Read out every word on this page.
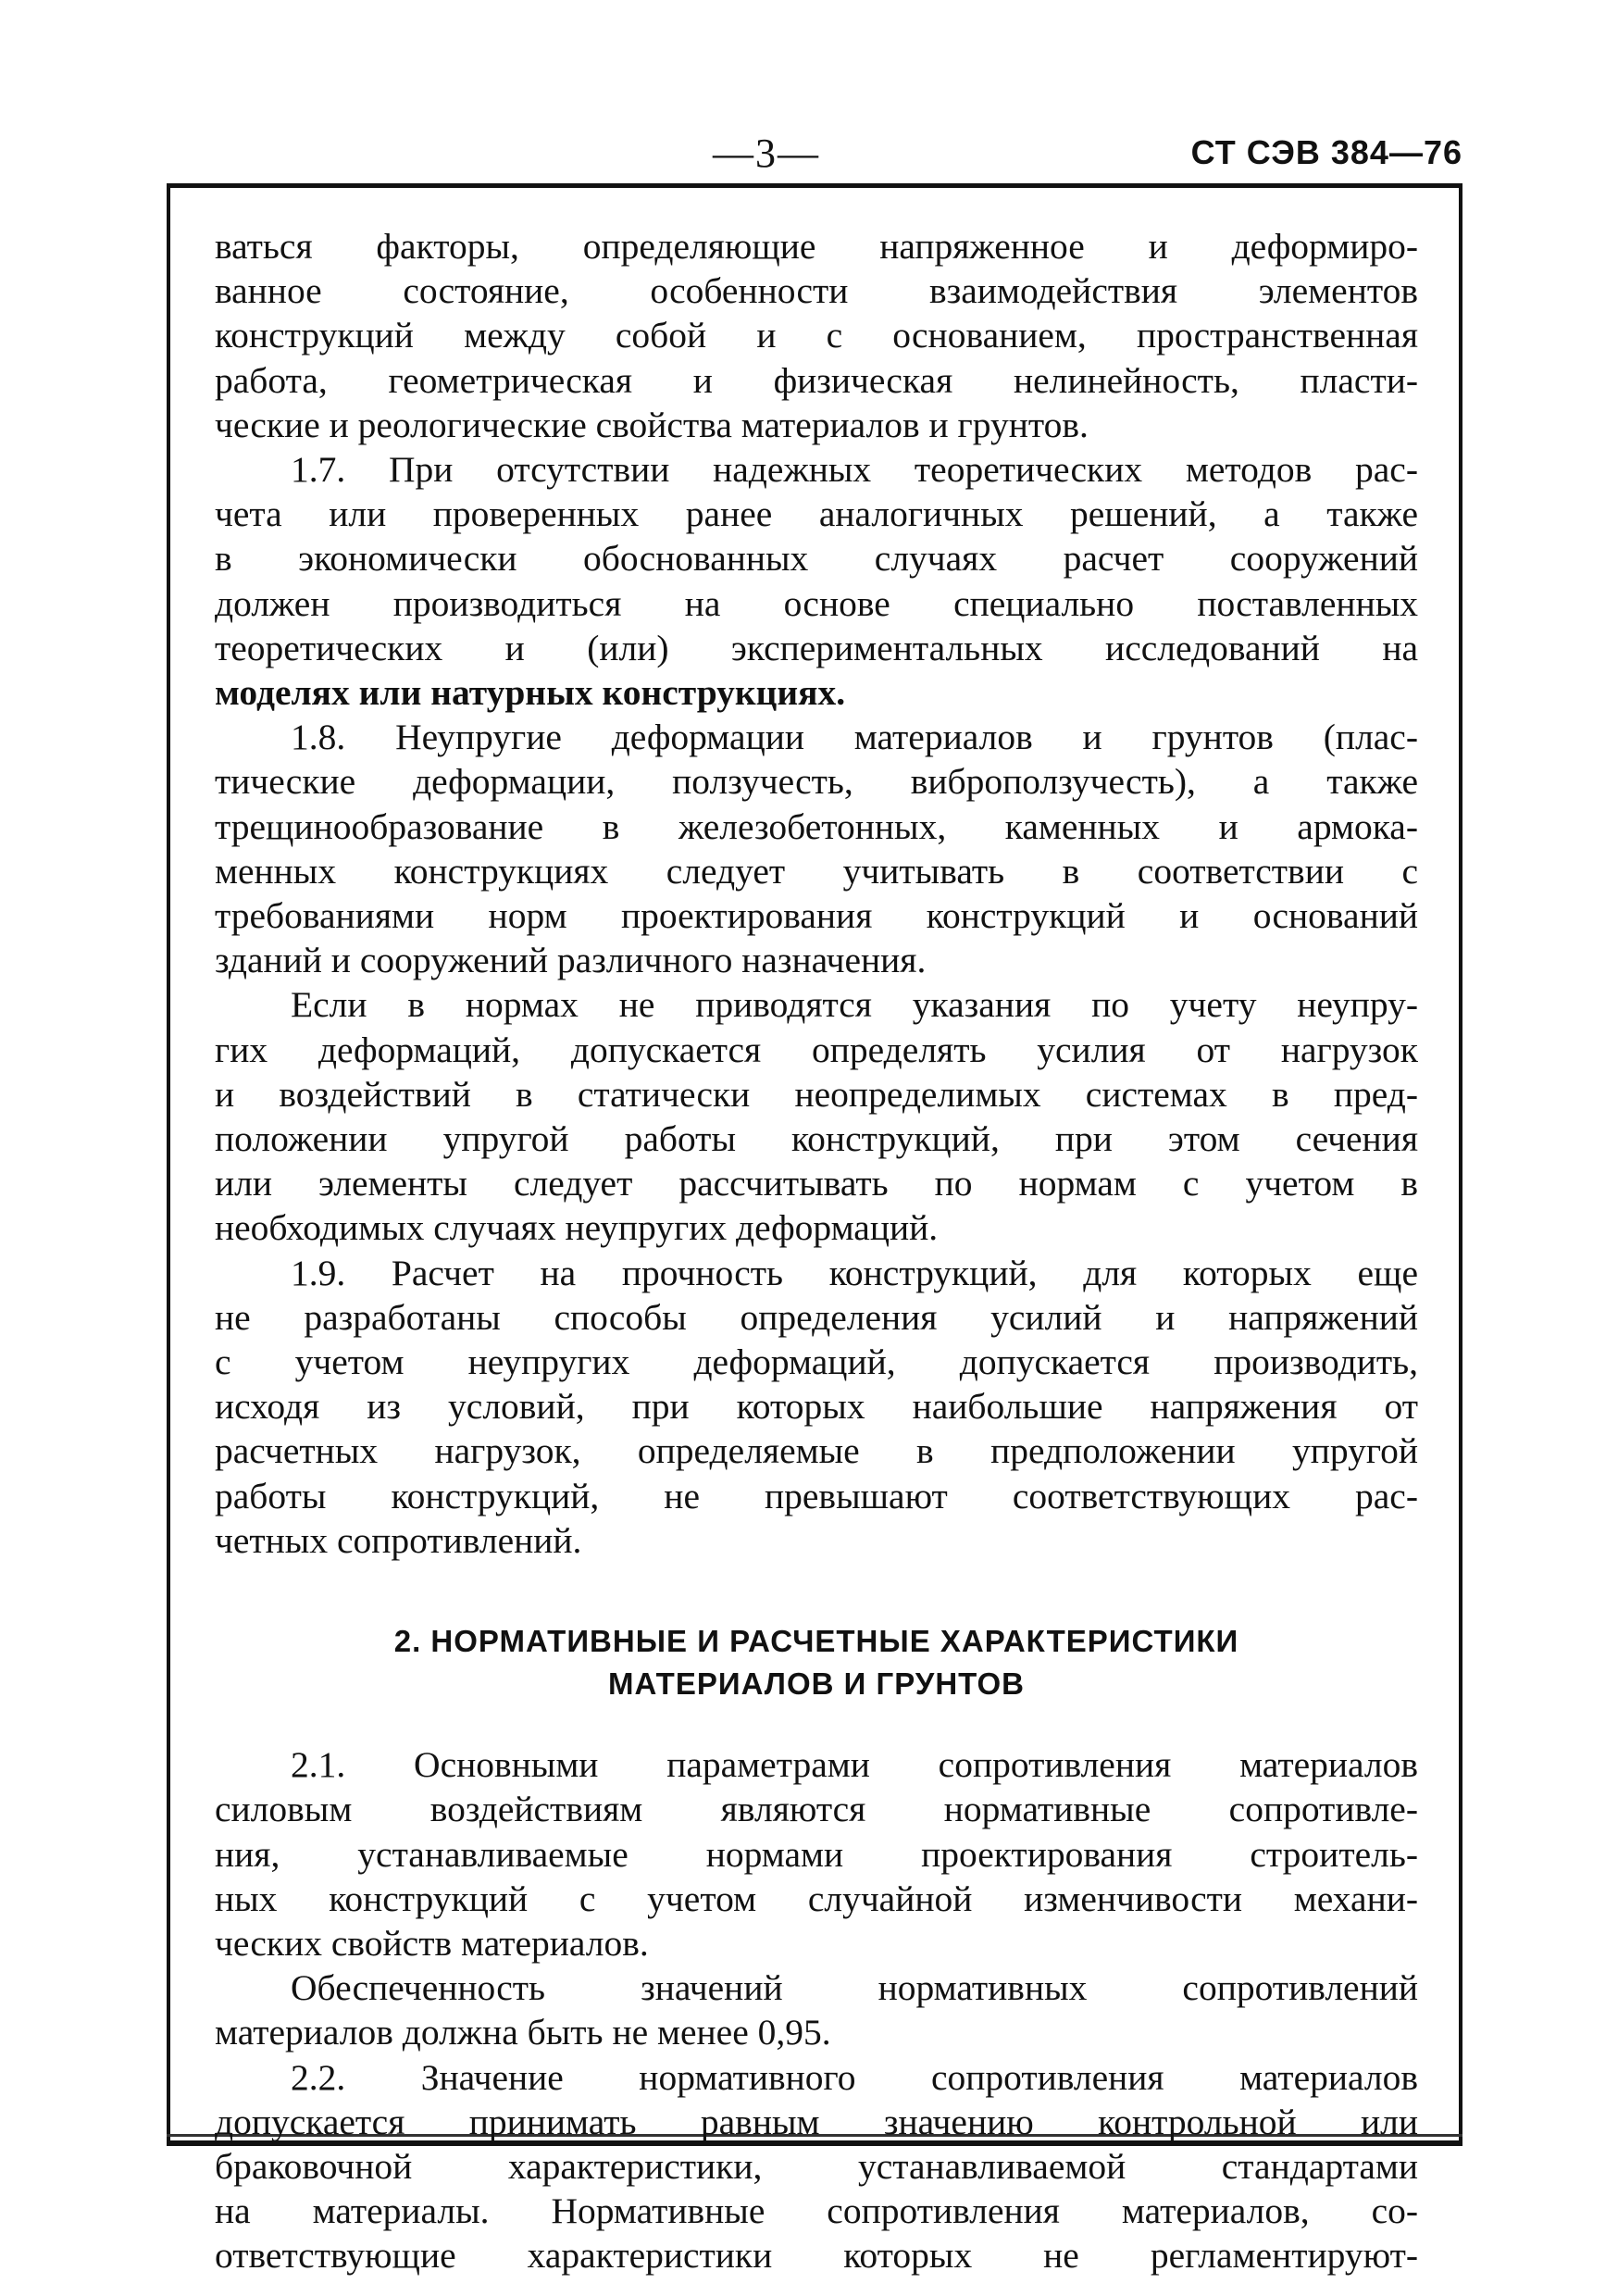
—3—	СТ СЭВ 384—76
ваться факторы, определяющие напряженное и деформиро-
ванное состояние, особенности взаимодействия элементов
конструкций между собой и с основанием, пространственная
работа, геометрическая и физическая нелинейность, пласти-
ческие и реологические свойства материалов и грунтов.
1.7. При отсутствии надежных теоретических методов рас-
чета или проверенных ранее аналогичных решений, а также
в экономически обоснованных случаях расчет сооружений
должен производиться на основе специально поставленных
теоретических и (или) экспериментальных исследований на
моделях или натурных конструкциях.
1.8. Неупругие деформации материалов и грунтов (плас-
тические деформации, ползучесть, виброползучесть), а также
трещинообразование в железобетонных, каменных и армока-
менных конструкциях следует учитывать в соответствии с
требованиями норм проектирования конструкций и оснований
зданий и сооружений различного назначения.
Если в нормах не приводятся указания по учету неупру-
гих деформаций, допускается определять усилия от нагрузок
и воздействий в статически неопределимых системах в пред-
положении упругой работы конструкций, при этом сечения
или элементы следует рассчитывать по нормам с учетом в
необходимых случаях неупругих деформаций.
1.9. Расчет на прочность конструкций, для которых еще
не разработаны способы определения усилий и напряжений
с учетом неупругих деформаций, допускается производить,
исходя из условий, при которых наибольшие напряжения от
расчетных нагрузок, определяемые в предположении упругой
работы конструкций, не превышают соответствующих рас-
четных сопротивлений.
2. НОРМАТИВНЫЕ И РАСЧЕТНЫЕ ХАРАКТЕРИСТИКИ
МАТЕРИАЛОВ И ГРУНТОВ
2.1. Основными параметрами сопротивления материалов
силовым воздействиям являются нормативные сопротивле-
ния, устанавливаемые нормами проектирования строитель-
ных конструкций с учетом случайной изменчивости механи-
ческих свойств материалов.
Обеспеченность значений нормативных сопротивлений
материалов должна быть не менее 0,95.
2.2. Значение нормативного сопротивления материалов
допускается принимать равным значению контрольной или
браковочной характеристики, устанавливаемой стандартами
на материалы. Нормативные сопротивления материалов, со-
ответствующие характеристики которых не регламентируют-
